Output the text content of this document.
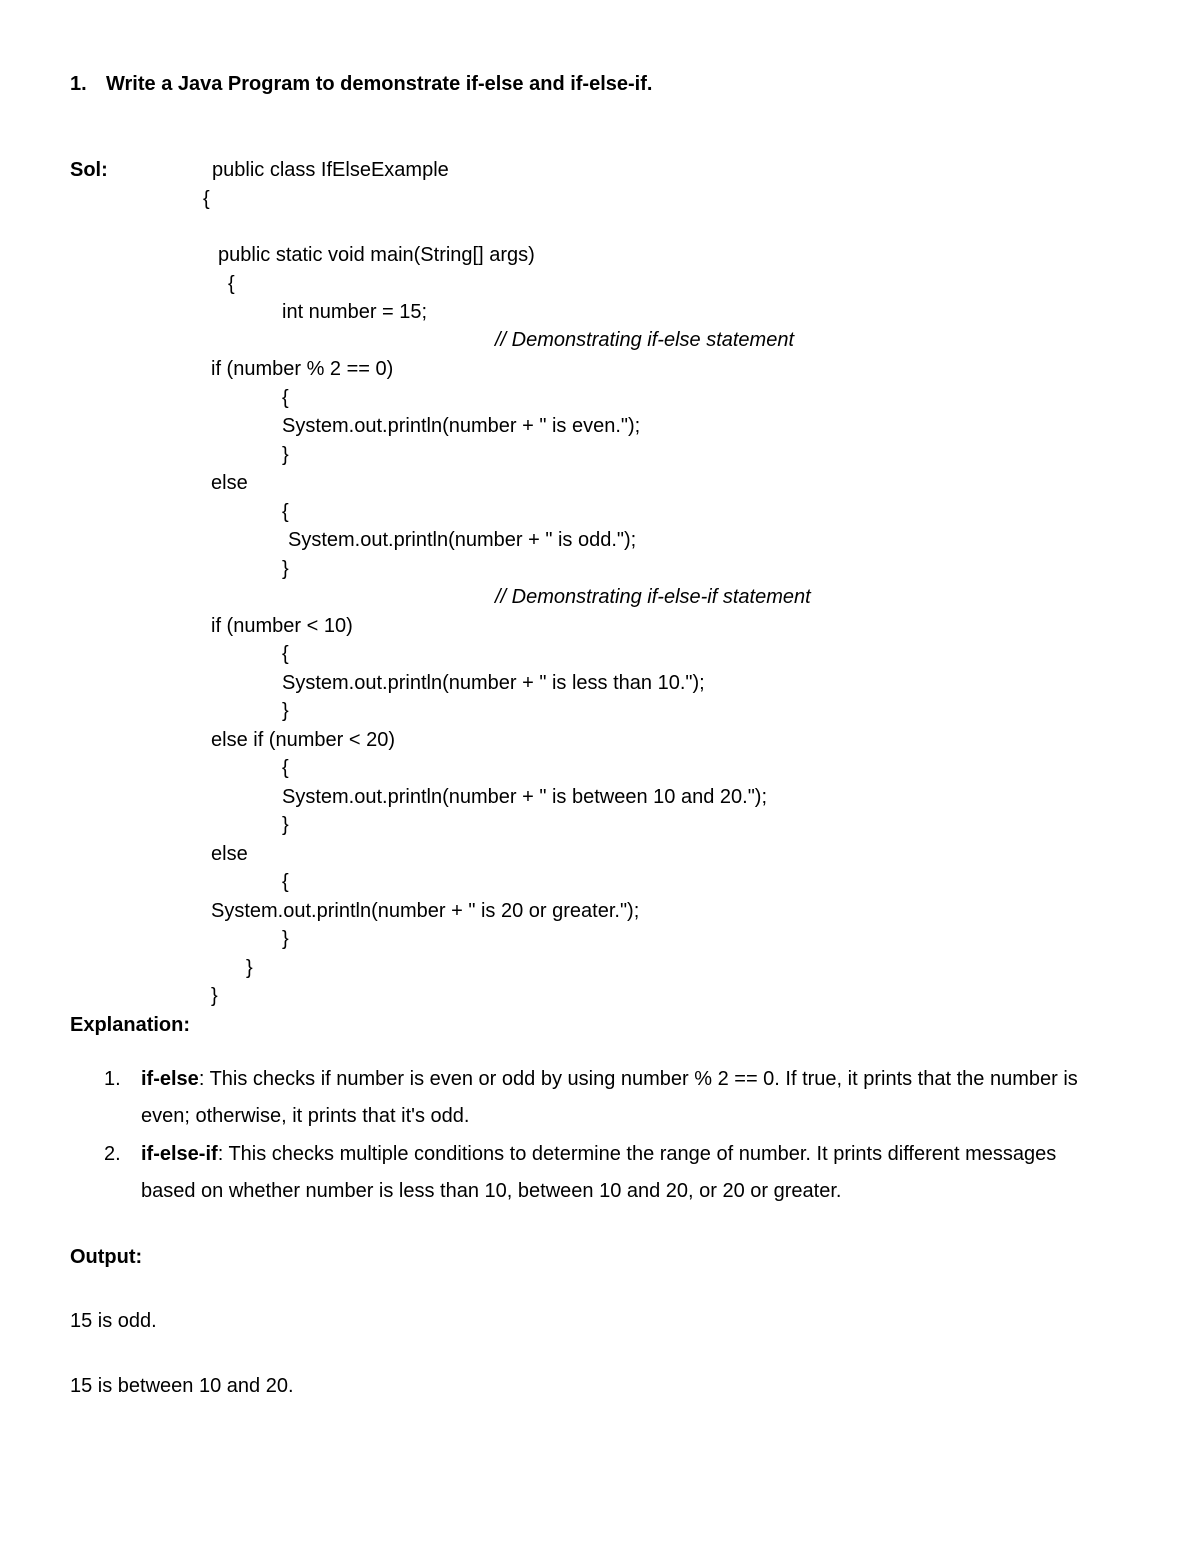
1. Write a Java Program to demonstrate if-else and if-else-if.
Sol:	public class IfElseExample
{
public static void main(String[] args)
{
int number = 15;
// Demonstrating if-else statement
if (number % 2 == 0)
{
System.out.println(number + " is even.");
}
else
{
System.out.println(number + " is odd.");
}
// Demonstrating if-else-if statement
if (number < 10)
{
System.out.println(number + " is less than 10.");
}
else if (number < 20)
{
System.out.println(number + " is between 10 and 20.");
}
else
{
System.out.println(number + " is 20 or greater.");
}
}
}
Explanation:
1. if-else: This checks if number is even or odd by using number % 2 == 0. If true, it prints that the number is even; otherwise, it prints that it's odd.
2. if-else-if: This checks multiple conditions to determine the range of number. It prints different messages based on whether number is less than 10, between 10 and 20, or 20 or greater.
Output:
15 is odd.
15 is between 10 and 20.
